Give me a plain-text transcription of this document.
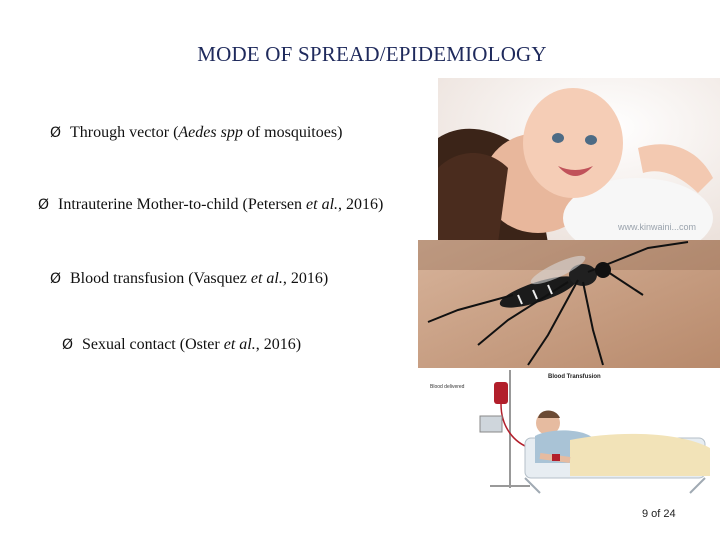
MODE OF SPREAD/EPIDEMIOLOGY
Ø Through vector (Aedes spp of mosquitoes)
Ø Intrauterine Mother-to-child (Petersen et al., 2016)
Ø Blood transfusion (Vasquez et al., 2016)
Ø Sexual contact (Oster et al., 2016)
www.kinwaini...com
Blood Transfusion
Blood delivered
9 of 24
